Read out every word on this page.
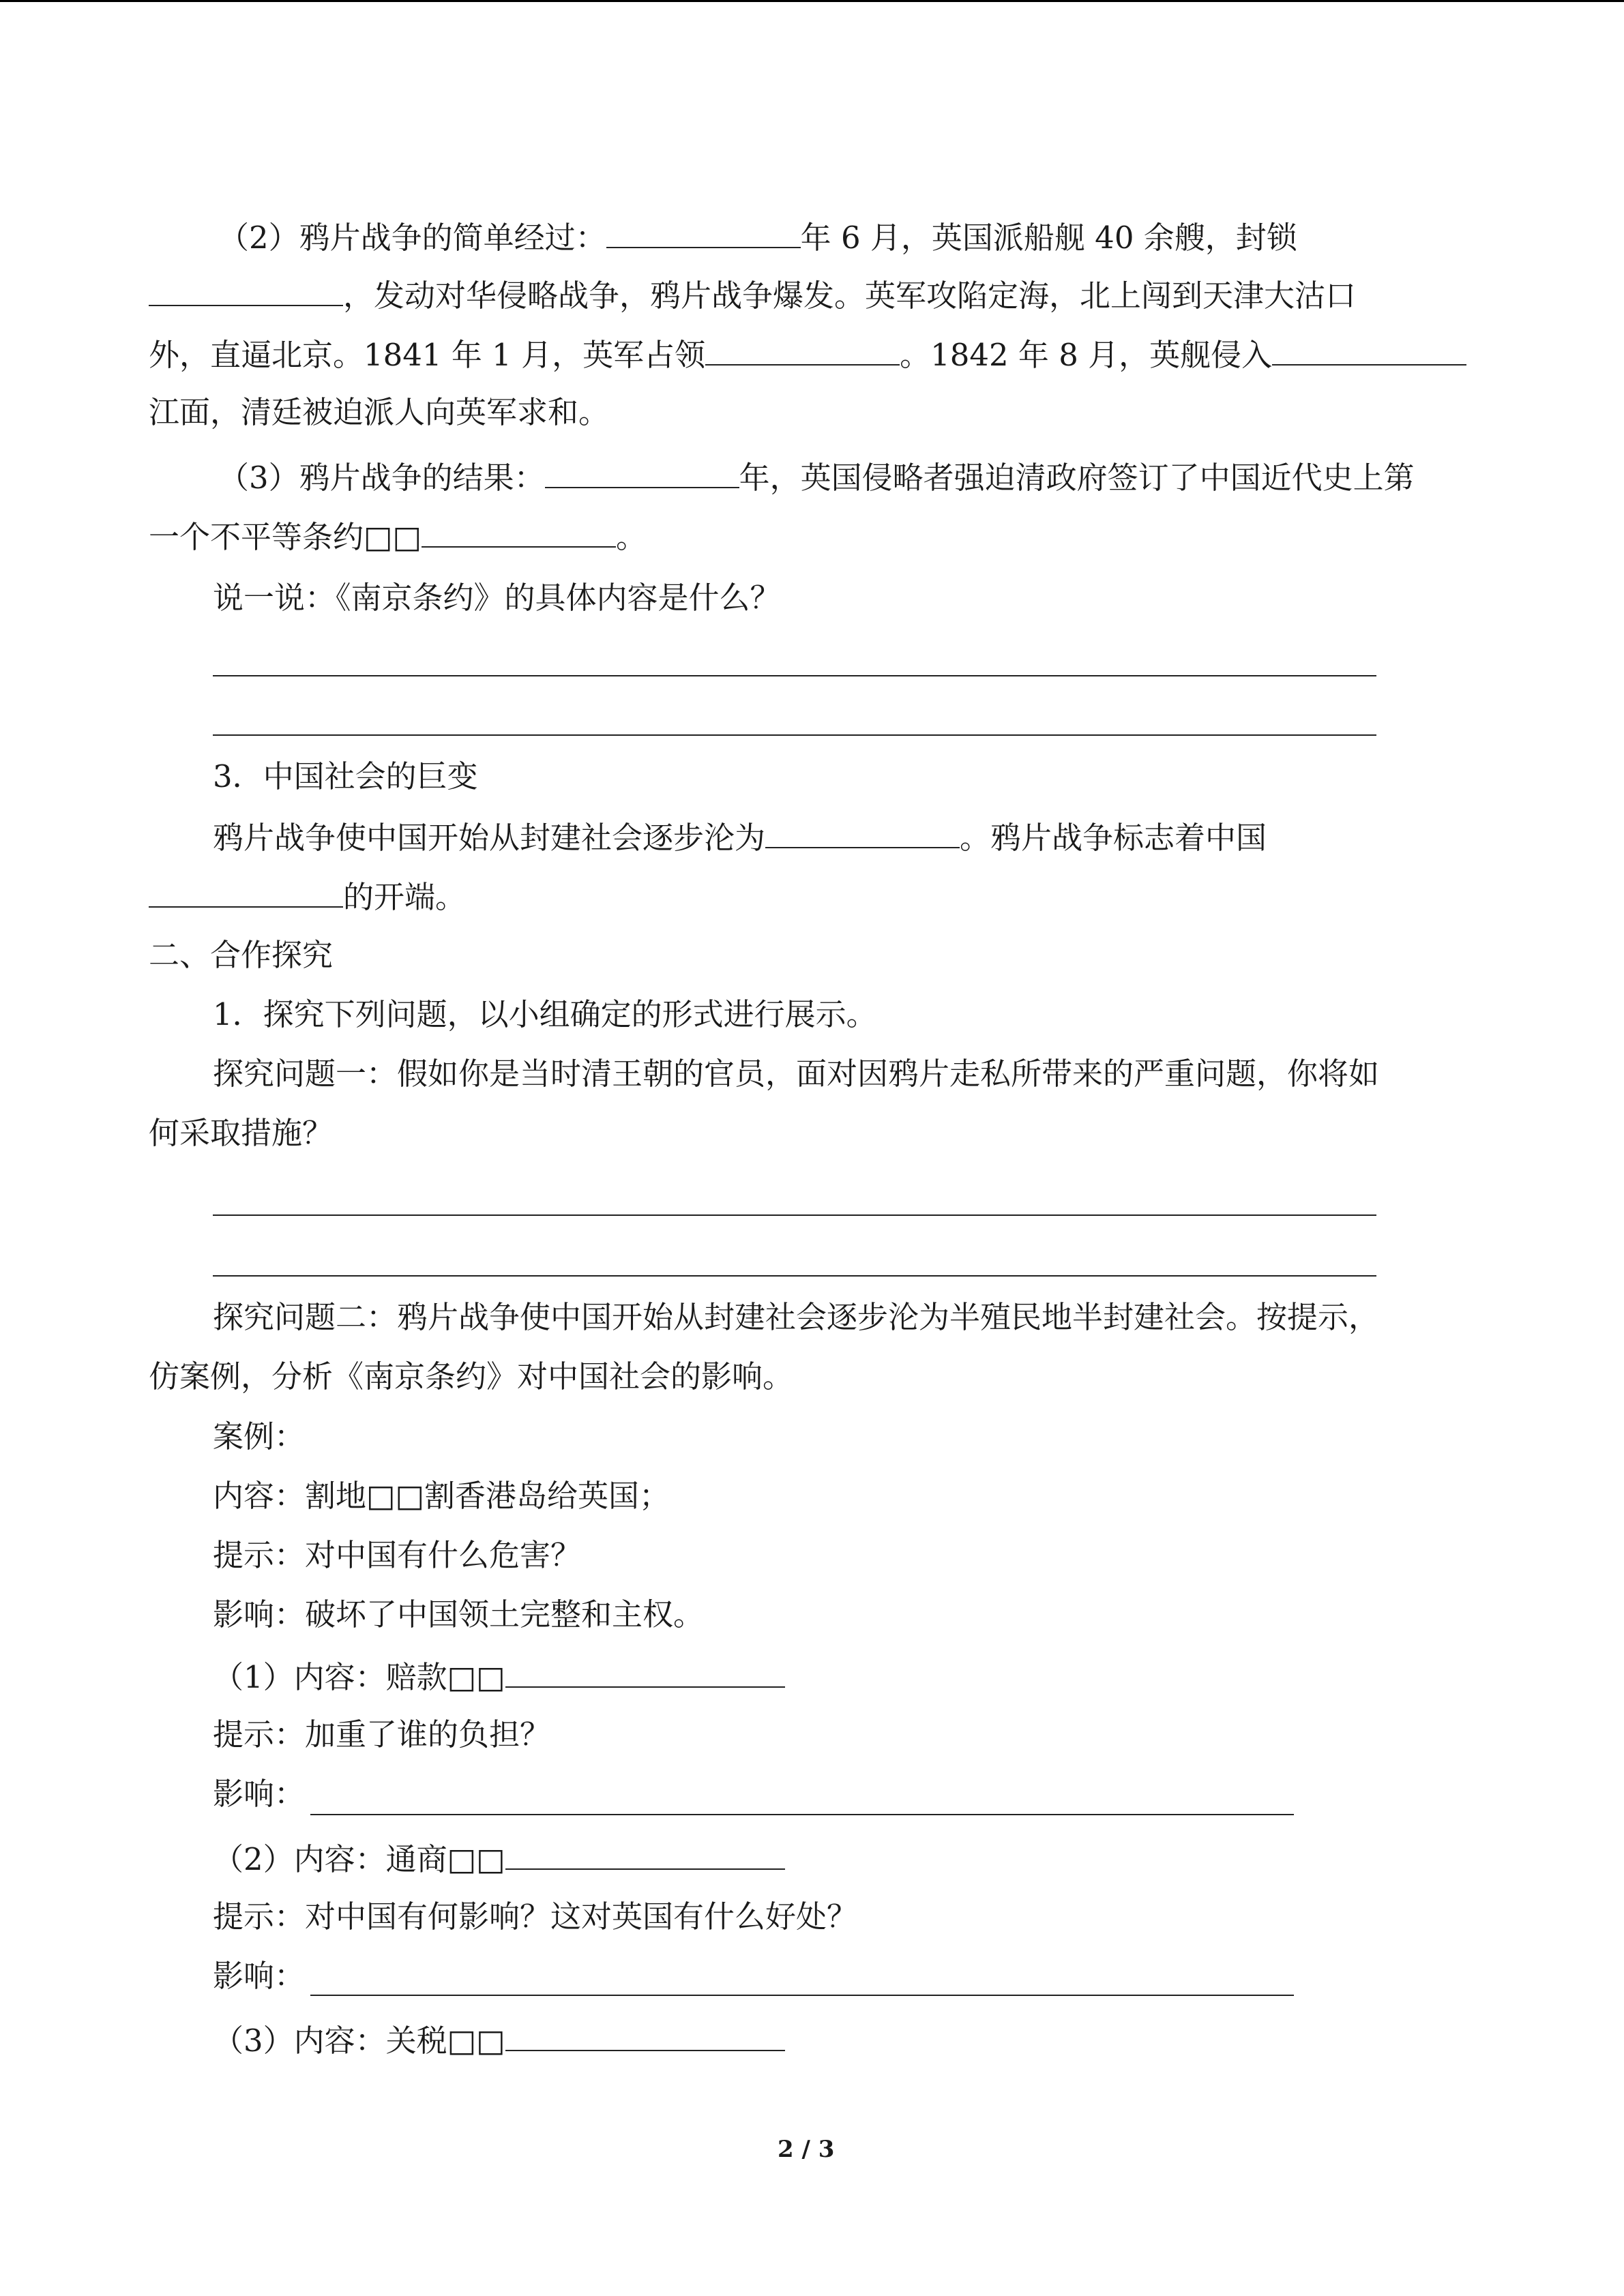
（2）鸦片战争的简单经过：	年 6 月，英国派船舰 40 余艘，封锁
，发动对华侵略战争，鸦片战争爆发。英军攻陷定海，北上闯到天津大沽口
外，直逼北京。1841 年 1 月，英军占领	。1842 年 8 月，英舰侵入
江面，清廷被迫派人向英军求和。
（3）鸦片战争的结果：	年，英国侵略者强迫清政府签订了中国近代史上第
一个不平等条约□□	。
说一说：《南京条约》的具体内容是什么？
3．中国社会的巨变
鸦片战争使中国开始从封建社会逐步沦为	。鸦片战争标志着中国
的开端。
二、合作探究
1．探究下列问题，以小组确定的形式进行展示。
探究问题一：假如你是当时清王朝的官员，面对因鸦片走私所带来的严重问题，你将如
何采取措施？
探究问题二：鸦片战争使中国开始从封建社会逐步沦为半殖民地半封建社会。按提示，
仿案例，分析《南京条约》对中国社会的影响。
案例：
内容：割地□□割香港岛给英国；
提示：对中国有什么危害？
影响：破坏了中国领土完整和主权。
（1）内容：赔款□□
提示：加重了谁的负担？
影响：
（2）内容：通商□□
提示：对中国有何影响？这对英国有什么好处？
影响：
（3）内容：关税□□
2 / 3
